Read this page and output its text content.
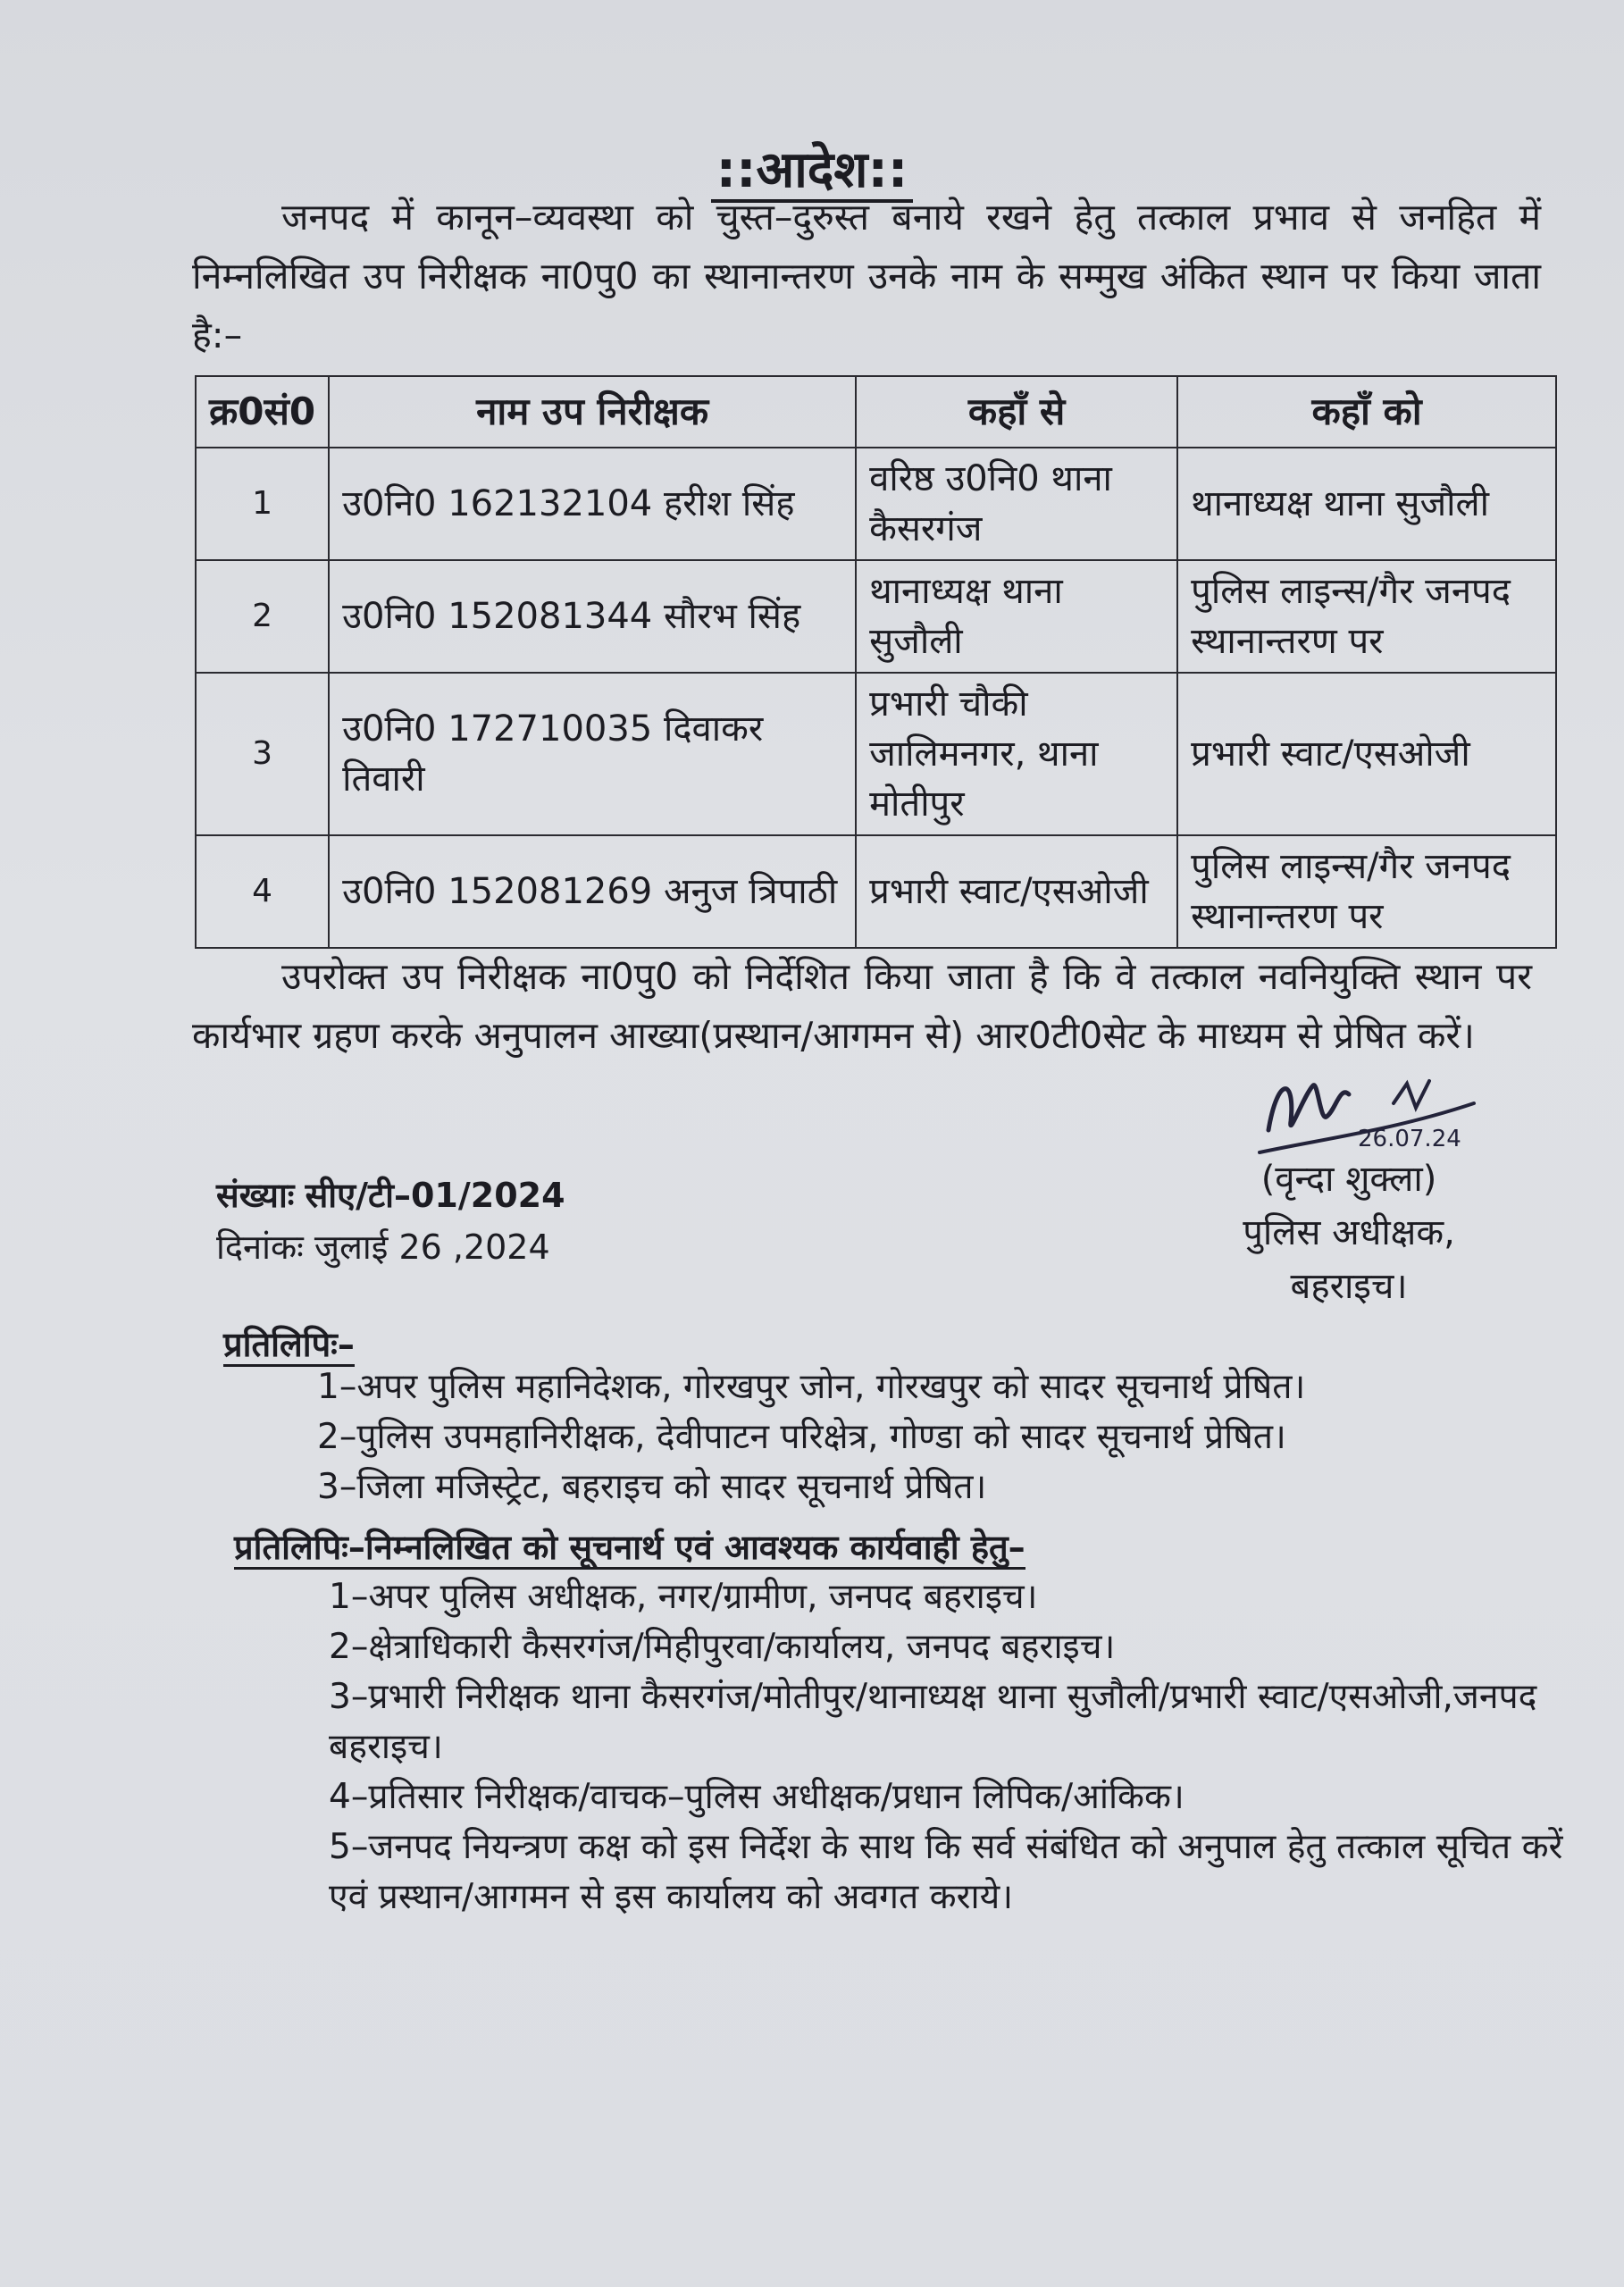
::आदेश::

जनपद में कानून–व्यवस्था को चुस्त–दुरुस्त बनाये रखने हेतु तत्काल प्रभाव से जनहित में निम्नलिखित उप निरीक्षक ना0पु0 का स्थानान्तरण उनके नाम के सम्मुख अंकित स्थान पर किया जाता है:–

क्र0सं0	नाम उप निरीक्षक	कहाँ से	कहाँ को
1	उ0नि0 162132104 हरीश सिंह	वरिष्ठ उ0नि0 थाना कैसरगंज	थानाध्यक्ष थाना सुजौली
2	उ0नि0 152081344 सौरभ सिंह	थानाध्यक्ष थाना सुजौली	पुलिस लाइन्स/गैर जनपद स्थानान्तरण पर
3	उ0नि0 172710035 दिवाकर तिवारी	प्रभारी चौकी जालिमनगर, थाना मोतीपुर	प्रभारी स्वाट/एसओजी
4	उ0नि0 152081269 अनुज त्रिपाठी	प्रभारी स्वाट/एसओजी	पुलिस लाइन्स/गैर जनपद स्थानान्तरण पर

उपरोक्त उप निरीक्षक ना0पु0 को निर्देशित किया जाता है कि वे तत्काल नवनियुक्ति स्थान पर कार्यभार ग्रहण करके अनुपालन आख्या(प्रस्थान/आगमन से) आर0टी0सेट के माध्यम से प्रेषित करें।

संख्याः सीए/टी–01/2024
दिनांकः जुलाई 26 ,2024
26.07.24
(वृन्दा शुक्ला)
पुलिस अधीक्षक,
बहराइच।
प्रतिलिपिः–
1–अपर पुलिस महानिदेशक, गोरखपुर जोन, गोरखपुर को सादर सूचनार्थ प्रेषित।
2–पुलिस उपमहानिरीक्षक, देवीपाटन परिक्षेत्र, गोण्डा को सादर सूचनार्थ प्रेषित।
3–जिला मजिस्ट्रेट, बहराइच को सादर सूचनार्थ प्रेषित।
प्रतिलिपिः–निम्नलिखित को सूचनार्थ एवं आवश्यक कार्यवाही हेतु–
1–अपर पुलिस अधीक्षक, नगर/ग्रामीण, जनपद बहराइच।
2–क्षेत्राधिकारी कैसरगंज/मिहीपुरवा/कार्यालय, जनपद बहराइच।
3–प्रभारी निरीक्षक थाना कैसरगंज/मोतीपुर/थानाध्यक्ष थाना सुजौली/प्रभारी स्वाट/एसओजी,जनपद बहराइच।
4–प्रतिसार निरीक्षक/वाचक–पुलिस अधीक्षक/प्रधान लिपिक/आंकिक।
5–जनपद नियन्त्रण कक्ष को इस निर्देश के साथ कि सर्व संबंधित को अनुपाल हेतु तत्काल सूचित करें एवं प्रस्थान/आगमन से इस कार्यालय को अवगत कराये।
